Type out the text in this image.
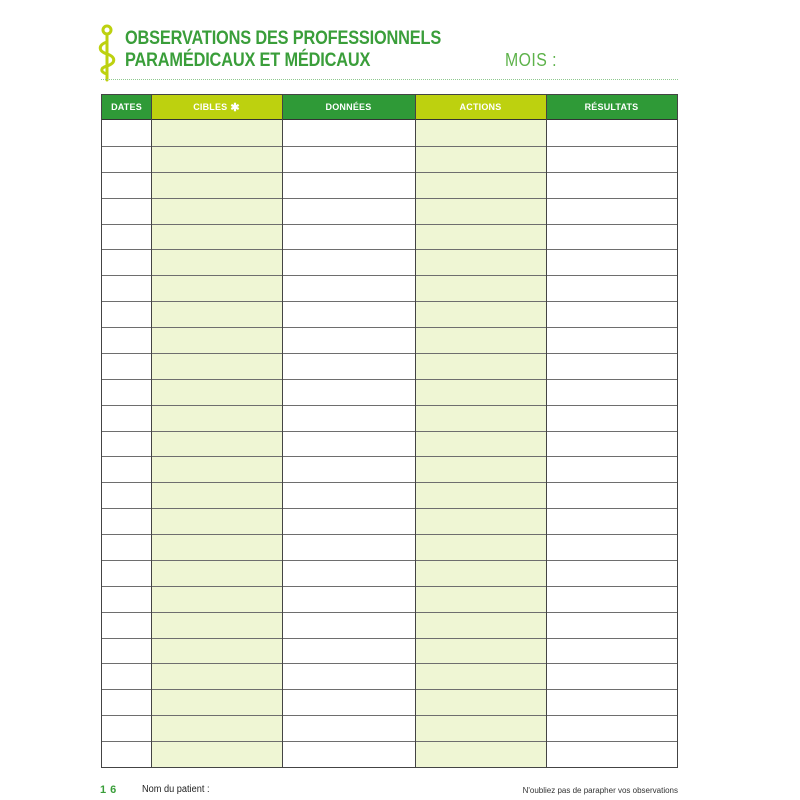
OBSERVATIONS DES PROFESSIONNELS
PARAMÉDICAUX ET MÉDICAUX	MOIS :
DATES	CIBLES ✱	DONNÉES	ACTIONS	RÉSULTATS
16 Nom du patient :	N'oubliez pas de parapher vos observations
